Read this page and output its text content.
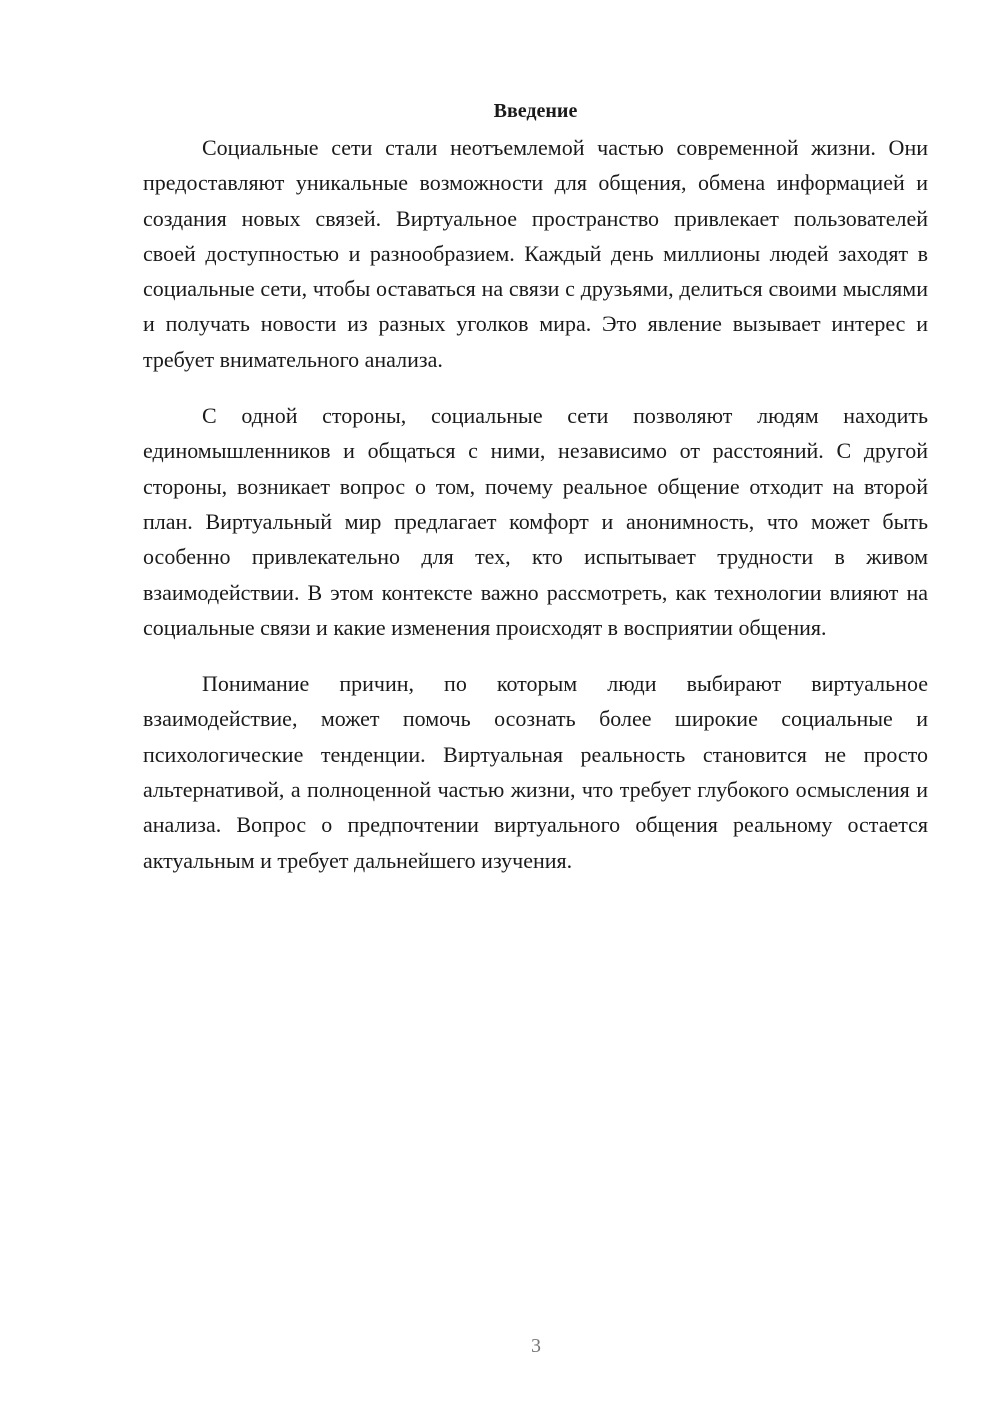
Введение

Социальные сети стали неотъемлемой частью современной жизни. Они предоставляют уникальные возможности для общения, обмена информацией и создания новых связей. Виртуальное пространство привлекает пользователей своей доступностью и разнообразием. Каждый день миллионы людей заходят в социальные сети, чтобы оставаться на связи с друзьями, делиться своими мыслями и получать новости из разных уголков мира. Это явление вызывает интерес и требует внимательного анализа.

С одной стороны, социальные сети позволяют людям находить единомышленников и общаться с ними, независимо от расстояний. С другой стороны, возникает вопрос о том, почему реальное общение отходит на второй план. Виртуальный мир предлагает комфорт и анонимность, что может быть особенно привлекательно для тех, кто испытывает трудности в живом взаимодействии. В этом контексте важно рассмотреть, как технологии влияют на социальные связи и какие изменения происходят в восприятии общения.

Понимание причин, по которым люди выбирают виртуальное взаимодействие, может помочь осознать более широкие социальные и психологические тенденции. Виртуальная реальность становится не просто альтернативой, а полноценной частью жизни, что требует глубокого осмысления и анализа. Вопрос о предпочтении виртуального общения реальному остается актуальным и требует дальнейшего изучения.

3
